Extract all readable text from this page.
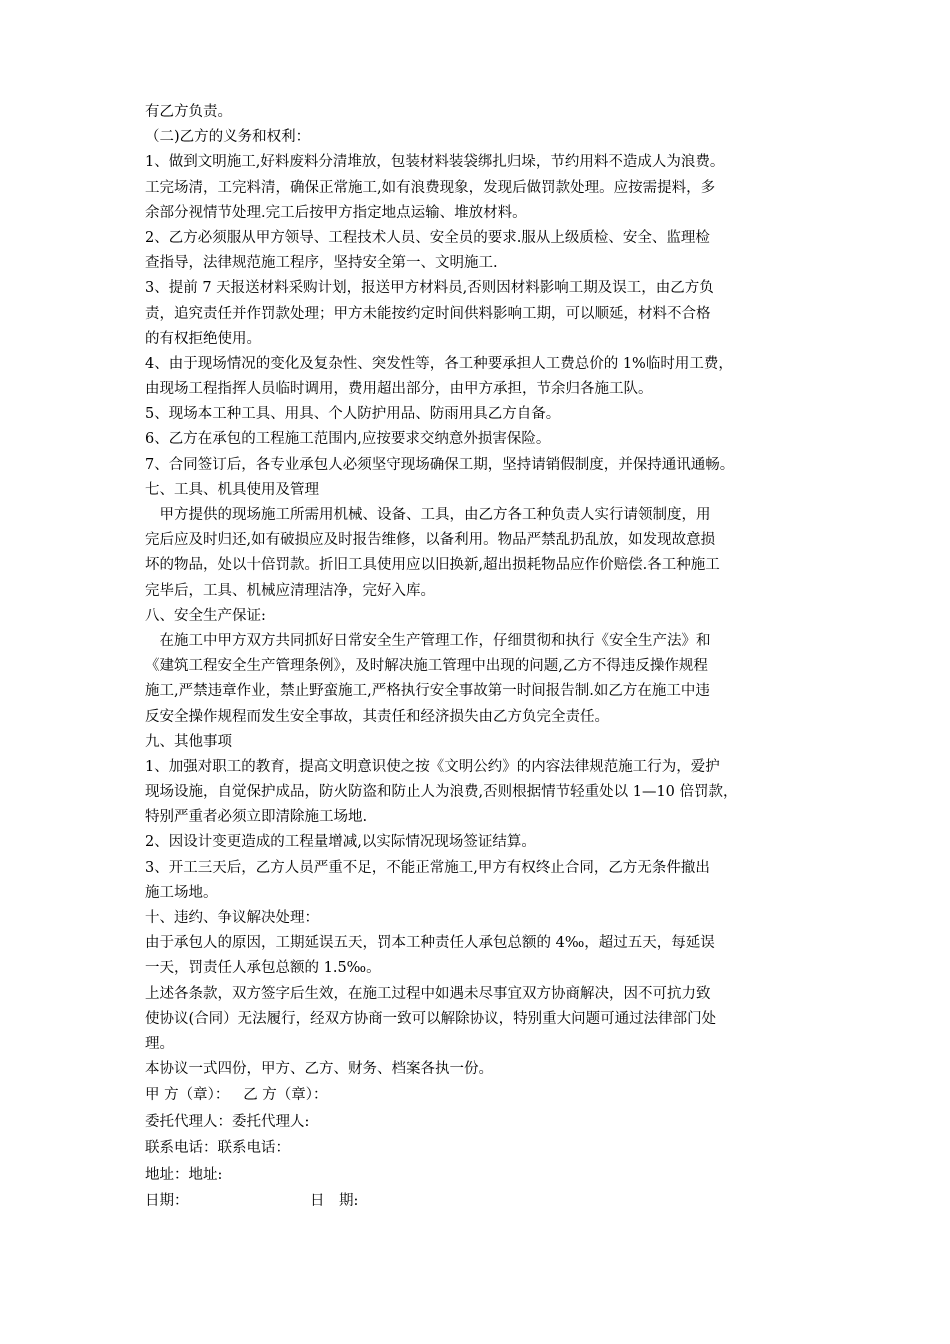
有乙方负责。
（二)乙方的义务和权利：
1、做到文明施工,好料废料分清堆放，包装材料装袋绑扎归垛，节约用料不造成人为浪费。
工完场清，工完料清，确保正常施工,如有浪费现象，发现后做罚款处理。应按需提料，多
余部分视情节处理.完工后按甲方指定地点运输、堆放材料。
2、乙方必须服从甲方领导、工程技术人员、安全员的要求.服从上级质检、安全、监理检
查指导，法律规范施工程序，坚持安全第一、文明施工.
3、提前 7 天报送材料采购计划，报送甲方材料员,否则因材料影响工期及误工，由乙方负
责，追究责任并作罚款处理；甲方未能按约定时间供料影响工期，可以顺延，材料不合格
的有权拒绝使用。
4、由于现场情况的变化及复杂性、突发性等，各工种要承担人工费总价的 1%临时用工费，
由现场工程指挥人员临时调用，费用超出部分，由甲方承担，节余归各施工队。
5、现场本工种工具、用具、个人防护用品、防雨用具乙方自备。
6、乙方在承包的工程施工范围内,应按要求交纳意外损害保险。
7、合同签订后，各专业承包人必须坚守现场确保工期，坚持请销假制度，并保持通讯通畅。
七、工具、机具使用及管理
　甲方提供的现场施工所需用机械、设备、工具，由乙方各工种负责人实行请领制度，用
完后应及时归还,如有破损应及时报告维修，以备利用。物品严禁乱扔乱放，如发现故意损
坏的物品，处以十倍罚款。折旧工具使用应以旧换新,超出损耗物品应作价赔偿.各工种施工
完毕后，工具、机械应清理洁净，完好入库。
八、安全生产保证:
　在施工中甲方双方共同抓好日常安全生产管理工作，仔细贯彻和执行《安全生产法》和
《建筑工程安全生产管理条例》，及时解决施工管理中出现的问题,乙方不得违反操作规程
施工,严禁违章作业，禁止野蛮施工,严格执行安全事故第一时间报告制.如乙方在施工中违
反安全操作规程而发生安全事故，其责任和经济损失由乙方负完全责任。
九、其他事项
1、加强对职工的教育，提高文明意识使之按《文明公约》的内容法律规范施工行为，爱护
现场设施，自觉保护成品，防火防盗和防止人为浪费,否则根据情节轻重处以 1—10 倍罚款，
特别严重者必须立即清除施工场地.
2、因设计变更造成的工程量增减,以实际情况现场签证结算。
3、开工三天后，乙方人员严重不足，不能正常施工,甲方有权终止合同，乙方无条件撤出
施工场地。
十、违约、争议解决处理：
由于承包人的原因，工期延误五天，罚本工种责任人承包总额的 4‰，超过五天，每延误
一天，罚责任人承包总额的 1.5‰。
上述各条款，双方签字后生效，在施工过程中如遇未尽事宜双方协商解决，因不可抗力致
使协议(合同）无法履行，经双方协商一致可以解除协议，特别重大问题可通过法律部门处
理。
本协议一式四份，甲方、乙方、财务、档案各执一份。
甲 方（章）： 乙 方（章）：
委托代理人：委托代理人:
联系电话：联系电话：
地址：地址:
日期：	日　期:
